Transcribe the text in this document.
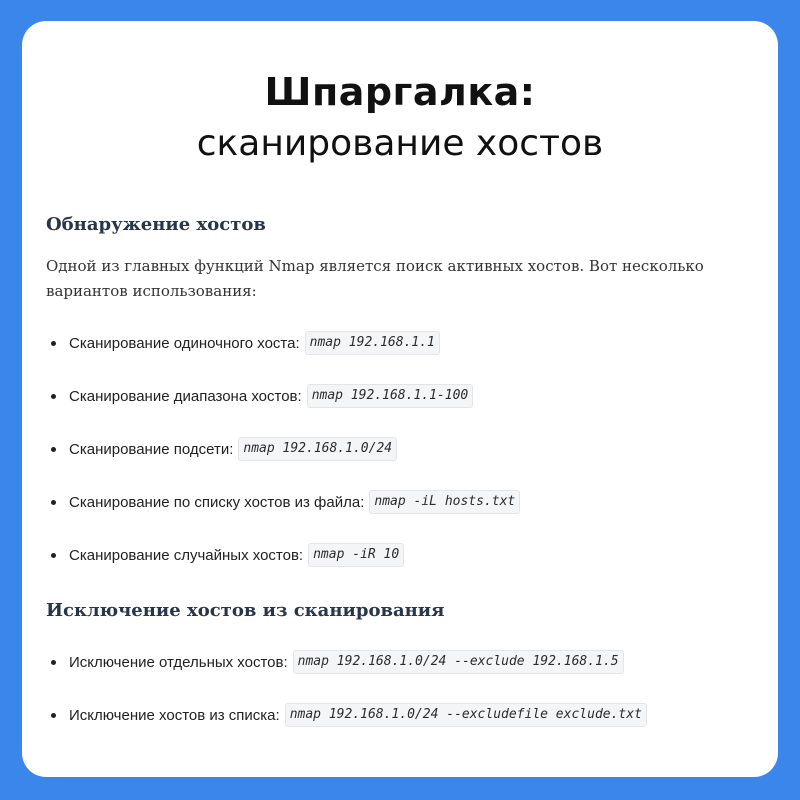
Шпаргалка:
сканирование хостов
Обнаружение хостов
Одной из главных функций Nmap является поиск активных хостов. Вот несколько вариантов использования:
Сканирование одиночного хоста: nmap 192.168.1.1
Сканирование диапазона хостов: nmap 192.168.1.1-100
Сканирование подсети: nmap 192.168.1.0/24
Сканирование по списку хостов из файла: nmap -iL hosts.txt
Сканирование случайных хостов: nmap -iR 10
Исключение хостов из сканирования
Исключение отдельных хостов: nmap 192.168.1.0/24 --exclude 192.168.1.5
Исключение хостов из списка: nmap 192.168.1.0/24 --excludefile exclude.txt
